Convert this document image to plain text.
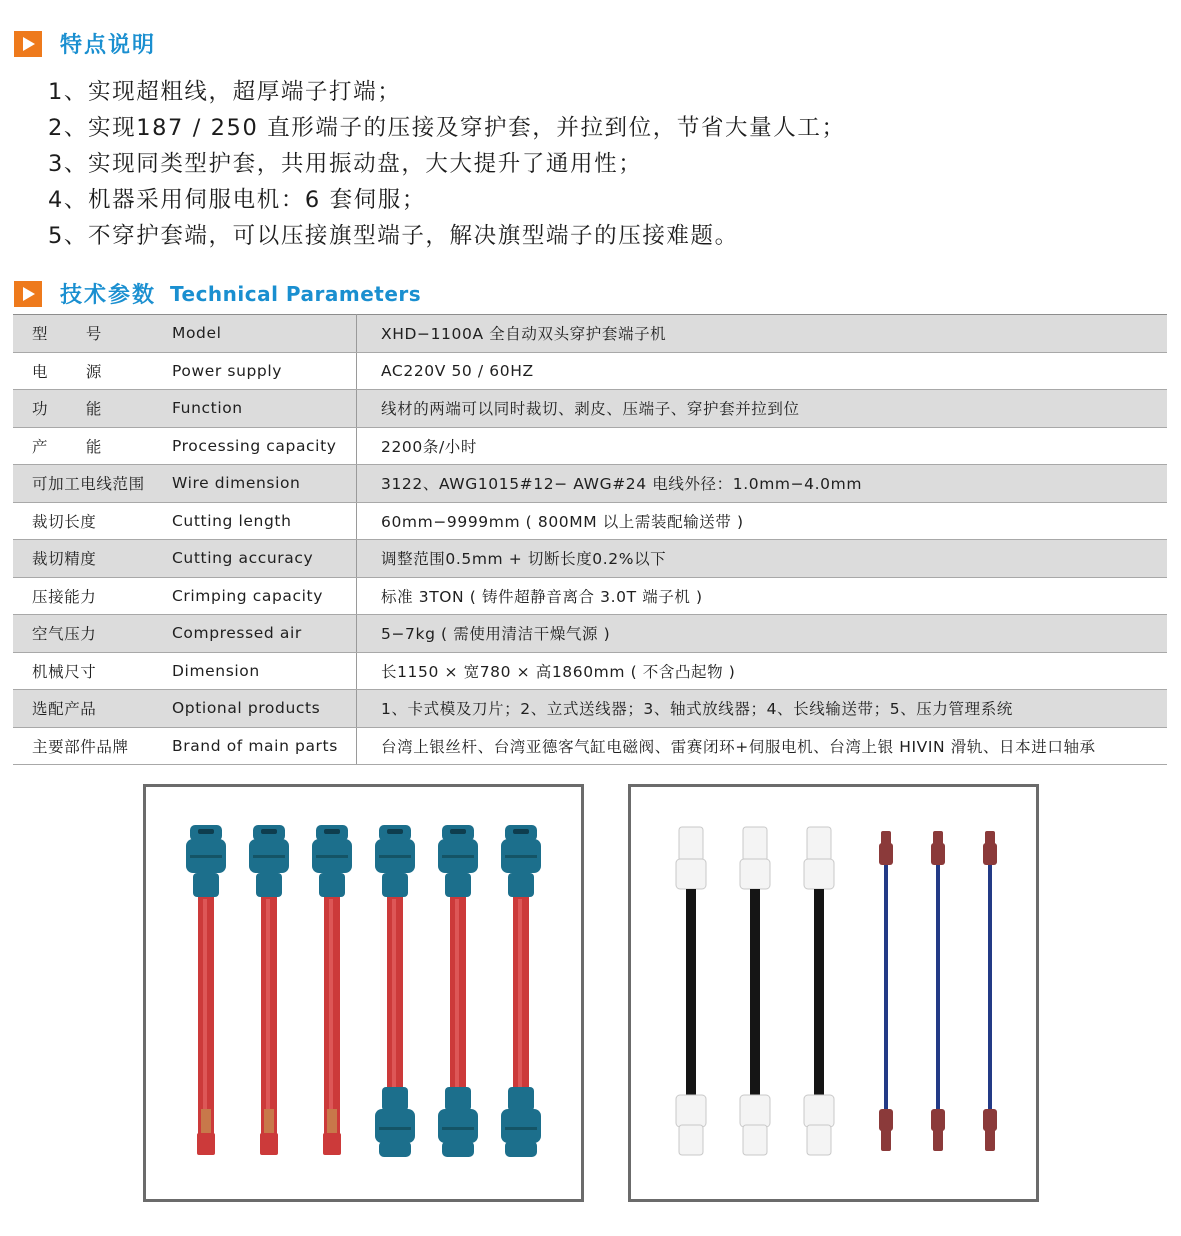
特点说明
1、实现超粗线，超厚端子打端；
2、实现187 / 250 直形端子的压接及穿护套，并拉到位，节省大量人工；
3、实现同类型护套，共用振动盘，大大提升了通用性；
4、机器采用伺服电机：6 套伺服；
5、不穿护套端，可以压接旗型端子，解决旗型端子的压接难题。
技术参数 Technical Parameters
型 号	Model	XHD−1100A 全自动双头穿护套端子机

电 源	Power supply	AC220V 50 / 60HZ

功 能	Function	线材的两端可以同时裁切、剥皮、压端子、穿护套并拉到位

产 能	Processing capacity	2200条/小时
可加工电线范围	Wire dimension	3122、AWG1015#12− AWG#24 电线外径：1.0mm−4.0mm
裁切长度	Cutting length	60mm−9999mm ( 800MM 以上需装配输送带 )
裁切精度	Cutting accuracy	调整范围0.5mm + 切断长度0.2%以下
压接能力	Crimping capacity	标准 3TON ( 铸件超静音离合 3.0T 端子机 )
空气压力	Compressed air	5−7kg ( 需使用清洁干燥气源 )
机械尺寸	Dimension	长1150 × 宽780 × 高1860mm ( 不含凸起物 )
选配产品	Optional products	1、卡式模及刀片；2、立式送线器；3、轴式放线器；4、长线输送带；5、压力管理系统
主要部件品牌	Brand of main parts	台湾上银丝杆、台湾亚德客气缸电磁阀、雷赛闭环+伺服电机、台湾上银 HIVIN 滑轨、日本进口轴承
